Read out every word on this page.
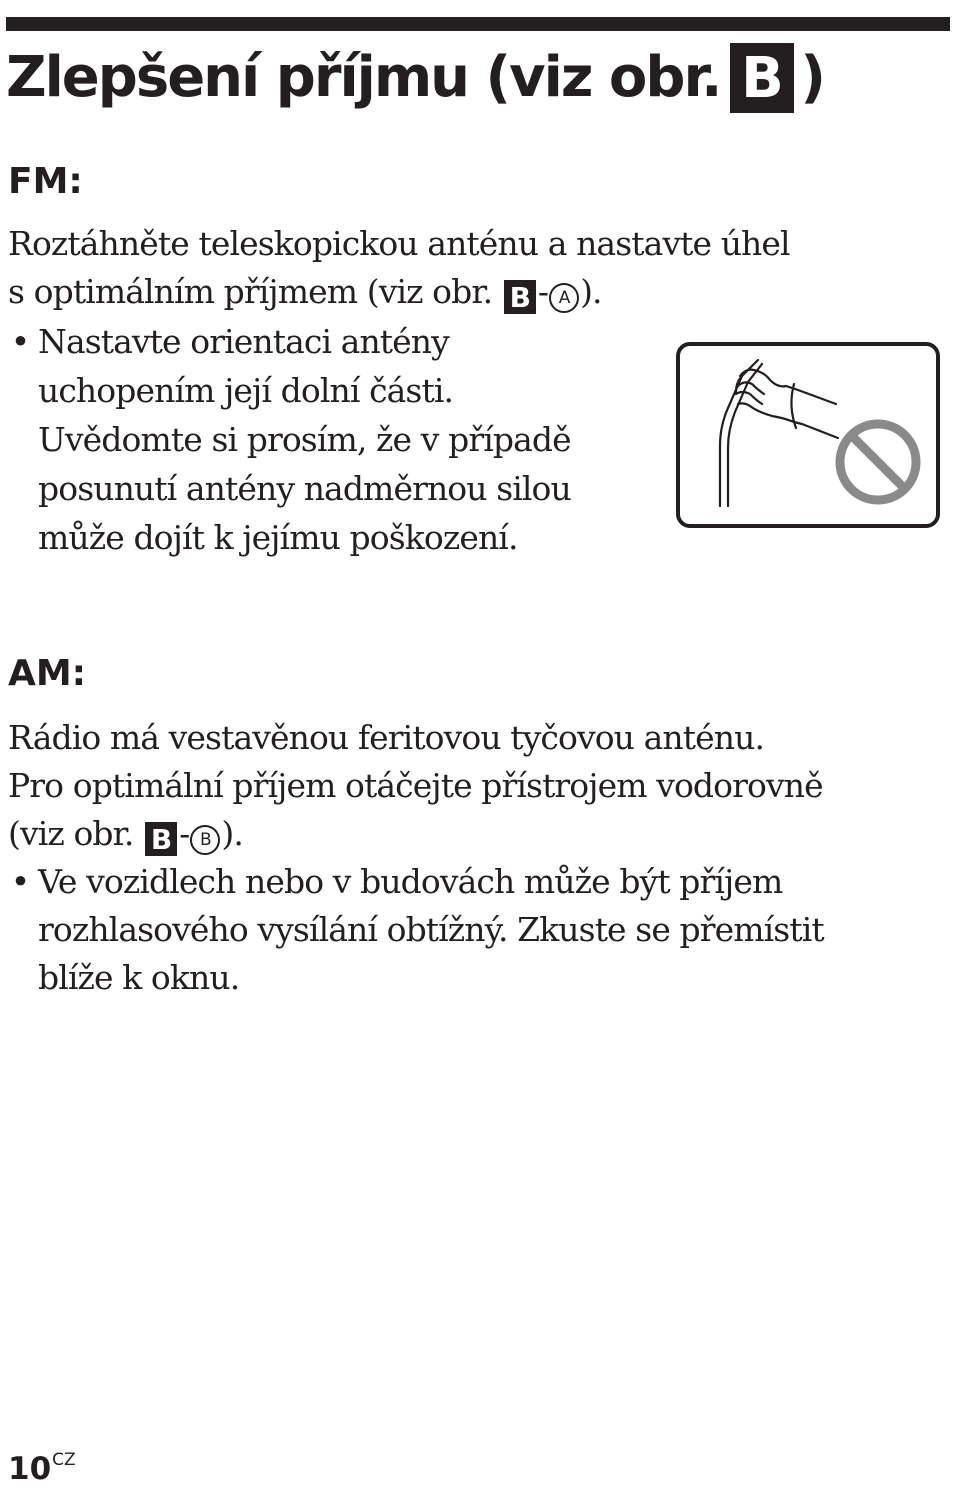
Zlepšení příjmu (viz obr. B )
FM:

Roztáhněte teleskopickou anténu a nastavte úhel

s optimálním příjmem (viz obr. B - A ).

• Nastavte orientaci antény
uchopením její dolní části.
Uvědomte si prosím, že v případě
posunutí antény nadměrnou silou
může dojít k jejímu poškození.
AM:

Rádio má vestavěnou feritovou tyčovou anténu.

Pro optimální příjem otáčejte přístrojem vodorovně

(viz obr. B - B ).

• Ve vozidlech nebo v budovách může být příjem
rozhlasového vysílání obtížný. Zkuste se přemístit
blíže k oknu.
$10^{CZ}$
